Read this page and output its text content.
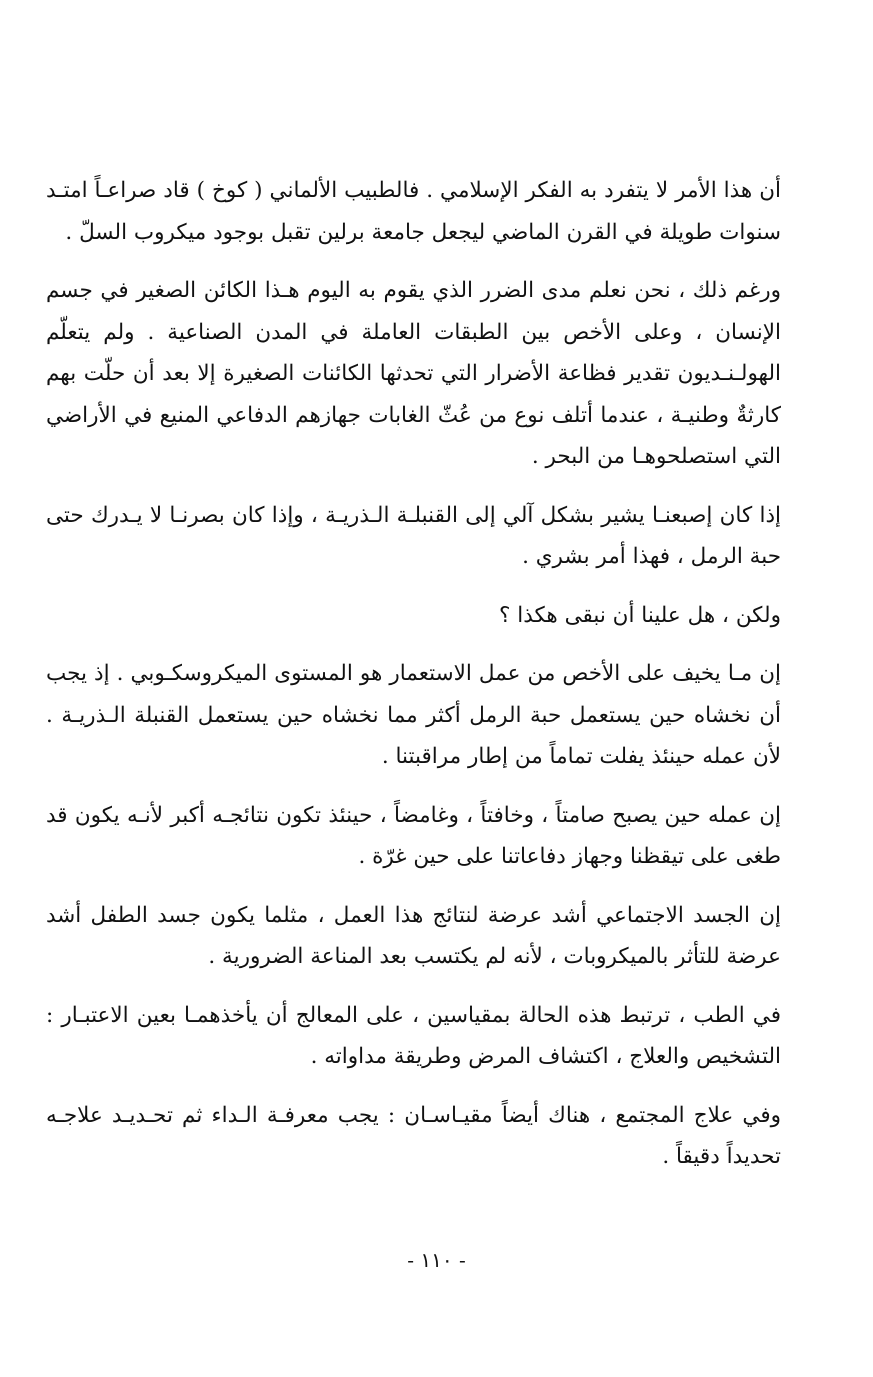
أن هذا الأمر لا يتفرد به الفكر الإسلامي . فالطبيب الألماني ( كوخ ) قاد صراعـاً امتـد سنوات طويلة في القرن الماضي ليجعل جامعة برلين تقبل بوجود ميكروب السلّ .

ورغم ذلك ، نحن نعلم مدى الضرر الذي يقوم به اليوم هـذا الكائن الصغير في جسم الإنسان ، وعلى الأخص بين الطبقات العاملة في المدن الصناعية . ولم يتعلّم الهولـنـديون تقدير فظاعة الأضرار التي تحدثها الكائنات الصغيرة إلا بعد أن حلّت بهم كارثةٌ وطنيـة ، عندما أتلف نوع من عُثّ الغابات جهازهم الدفاعي المنيع في الأراضي التي استصلحوهـا من البحر .

إذا كان إصبعنـا يشير بشكل آلي إلى القنبلـة الـذريـة ، وإذا كان بصرنـا لا يـدرك حتى حبة الرمل ، فهذا أمر بشري .

ولكن ، هل علينا أن نبقى هكذا ؟

إن مـا يخيف على الأخص من عمل الاستعمار هو المستوى الميكروسكـوبي . إذ يجب أن نخشاه حين يستعمل حبة الرمل أكثر مما نخشاه حين يستعمل القنبلة الـذريـة . لأن عمله حينئذ يفلت تماماً من إطار مراقبتنا .

إن عمله حين يصبح صامتاً ، وخافتاً ، وغامضاً ، حينئذ تكون نتائجـه أكبر لأنـه يكون قد طغى على تيقظنا وجهاز دفاعاتنا على حين غرّة .

إن الجسد الاجتماعي أشد عرضة لنتائج هذا العمل ، مثلما يكون جسد الطفل أشد عرضة للتأثر بالميكروبات ، لأنه لم يكتسب بعد المناعة الضرورية .

في الطب ، ترتبط هذه الحالة بمقياسين ، على المعالج أن يأخذهمـا بعين الاعتبـار : التشخيص والعلاج ، اكتشاف المرض وطريقة مداواته .

وفي علاج المجتمع ، هناك أيضاً مقيـاسـان : يجب معرفـة الـداء ثم تحـديـد علاجـه تحديداً دقيقاً .

- ١١٠ -
